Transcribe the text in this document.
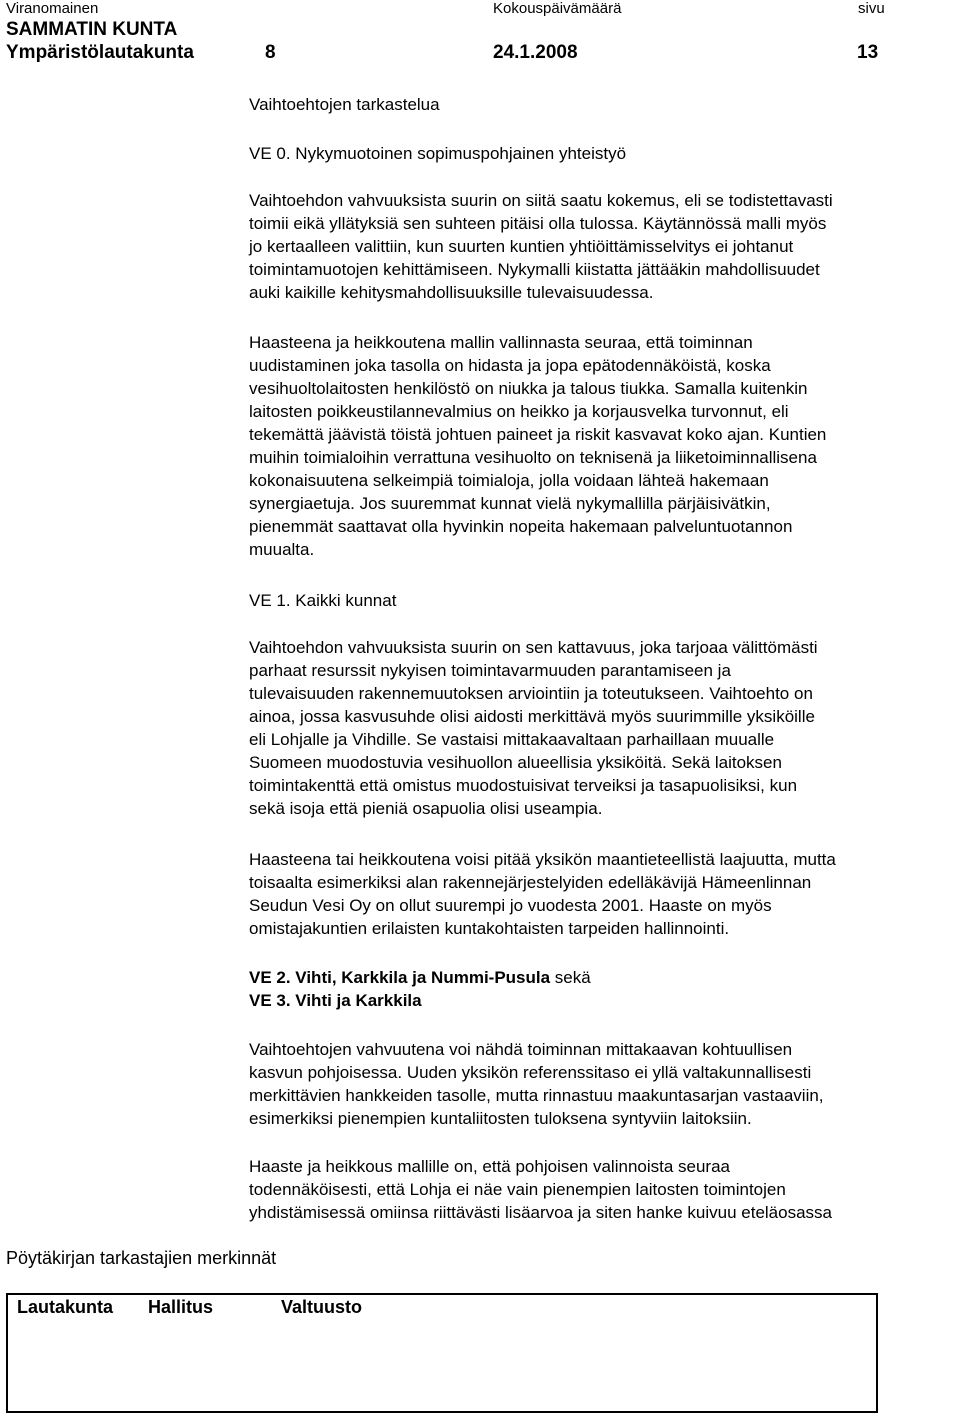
Viranomainen	Kokouspäivämäärä	sivu
SAMMATIN KUNTA
Ympäristölautakunta	8	24.1.2008	13
Vaihtoehtojen tarkastelua
VE 0. Nykymuotoinen sopimuspohjainen yhteistyö
Vaihtoehdon vahvuuksista suurin on siitä saatu kokemus, eli se todistettavasti
toimii eikä yllätyksiä sen suhteen pitäisi olla tulossa. Käytännössä malli myös
jo kertaalleen valittiin, kun suurten kuntien yhtiöittämisselvitys ei johtanut
toimintamuotojen kehittämiseen. Nykymalli kiistatta jättääkin mahdollisuudet
auki kaikille kehitysmahdollisuuksille tulevaisuudessa.
Haasteena ja heikkoutena mallin vallinnasta seuraa, että toiminnan
uudistaminen joka tasolla on hidasta ja jopa epätodennäköistä, koska
vesihuoltolaitosten henkilöstö on niukka ja talous tiukka. Samalla kuitenkin
laitosten poikkeustilannevalmius on heikko ja korjausvelka turvonnut, eli
tekemättä jäävistä töistä johtuen paineet ja riskit kasvavat koko ajan. Kuntien
muihin toimialoihin verrattuna vesihuolto on teknisenä ja liiketoiminnallisena
kokonaisuutena selkeimpiä toimialoja, jolla voidaan lähteä hakemaan
synergiaetuja. Jos suuremmat kunnat vielä nykymallilla pärjäisivätkin,
pienemmät saattavat olla hyvinkin nopeita hakemaan palveluntuotannon
muualta.
VE 1. Kaikki kunnat
Vaihtoehdon vahvuuksista suurin on sen kattavuus, joka tarjoaa välittömästi
parhaat resurssit nykyisen toimintavarmuuden parantamiseen ja
tulevaisuuden rakennemuutoksen arviointiin ja toteutukseen. Vaihtoehto on
ainoa, jossa kasvusuhde olisi aidosti merkittävä myös suurimmille yksiköille
eli Lohjalle ja Vihdille. Se vastaisi mittakaavaltaan parhaillaan muualle
Suomeen muodostuvia vesihuollon alueellisia yksiköitä. Sekä laitoksen
toimintakenttä että omistus muodostuisivat terveiksi ja tasapuolisiksi, kun
sekä isoja että pieniä osapuolia olisi useampia.
Haasteena tai heikkoutena voisi pitää yksikön maantieteellistä laajuutta, mutta
toisaalta esimerkiksi alan rakennejärjestelyiden edelläkävijä Hämeenlinnan
Seudun Vesi Oy on ollut suurempi jo vuodesta 2001. Haaste on myös
omistajakuntien erilaisten kuntakohtaisten tarpeiden hallinnointi.
VE 2. Vihti, Karkkila ja Nummi-Pusula sekä
VE 3. Vihti ja Karkkila
Vaihtoehtojen vahvuutena voi nähdä toiminnan mittakaavan kohtuullisen
kasvun pohjoisessa. Uuden yksikön referenssitaso ei yllä valtakunnallisesti
merkittävien hankkeiden tasolle, mutta rinnastuu maakuntasarjan vastaaviin,
esimerkiksi pienempien kuntaliitosten tuloksena syntyviin laitoksiin.
Haaste ja heikkous mallille on, että pohjoisen valinnoista seuraa
todennäköisesti, että Lohja ei näe vain pienempien laitosten toimintojen
yhdistämisessä omiinsa riittävästi lisäarvoa ja siten hanke kuivuu eteläosassa
Pöytäkirjan tarkastajien merkinnät
Lautakunta Hallitus	Valtuusto
